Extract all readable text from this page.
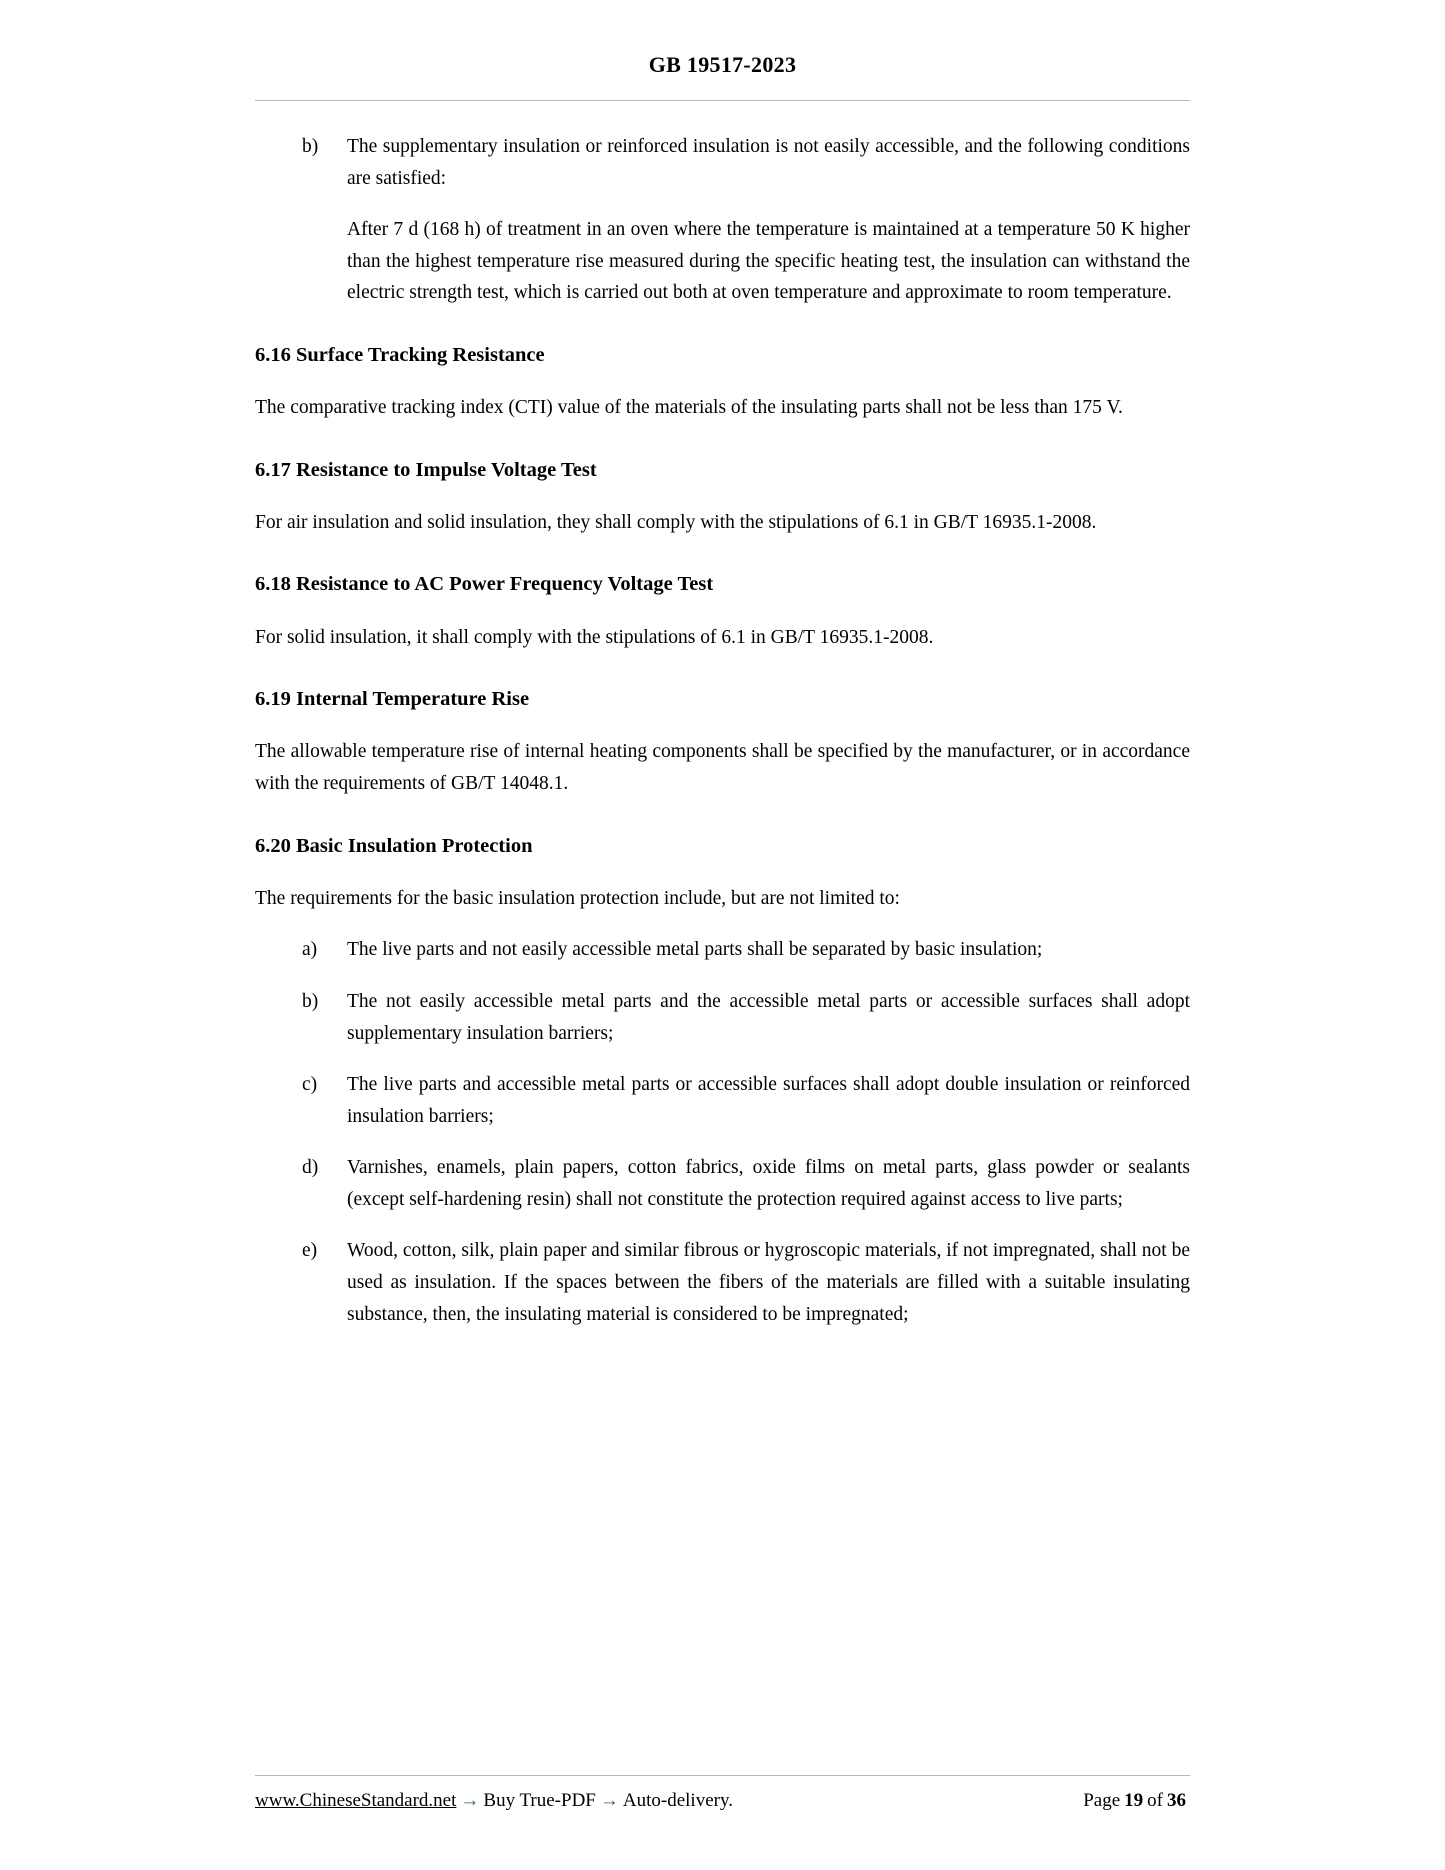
GB 19517-2023
b)	The supplementary insulation or reinforced insulation is not easily accessible, and the following conditions are satisfied:
After 7 d (168 h) of treatment in an oven where the temperature is maintained at a temperature 50 K higher than the highest temperature rise measured during the specific heating test, the insulation can withstand the electric strength test, which is carried out both at oven temperature and approximate to room temperature.
6.16 Surface Tracking Resistance
The comparative tracking index (CTI) value of the materials of the insulating parts shall not be less than 175 V.
6.17 Resistance to Impulse Voltage Test
For air insulation and solid insulation, they shall comply with the stipulations of 6.1 in GB/T 16935.1-2008.
6.18 Resistance to AC Power Frequency Voltage Test
For solid insulation, it shall comply with the stipulations of 6.1 in GB/T 16935.1-2008.
6.19 Internal Temperature Rise
The allowable temperature rise of internal heating components shall be specified by the manufacturer, or in accordance with the requirements of GB/T 14048.1.
6.20 Basic Insulation Protection
The requirements for the basic insulation protection include, but are not limited to:
a)	The live parts and not easily accessible metal parts shall be separated by basic insulation;
b)	The not easily accessible metal parts and the accessible metal parts or accessible surfaces shall adopt supplementary insulation barriers;
c)	The live parts and accessible metal parts or accessible surfaces shall adopt double insulation or reinforced insulation barriers;
d)	Varnishes, enamels, plain papers, cotton fabrics, oxide films on metal parts, glass powder or sealants (except self-hardening resin) shall not constitute the protection required against access to live parts;
e)	Wood, cotton, silk, plain paper and similar fibrous or hygroscopic materials, if not impregnated, shall not be used as insulation. If the spaces between the fibers of the materials are filled with a suitable insulating substance, then, the insulating material is considered to be impregnated;
www.ChineseStandard.net → Buy True-PDF → Auto-delivery.	Page 19 of 36
